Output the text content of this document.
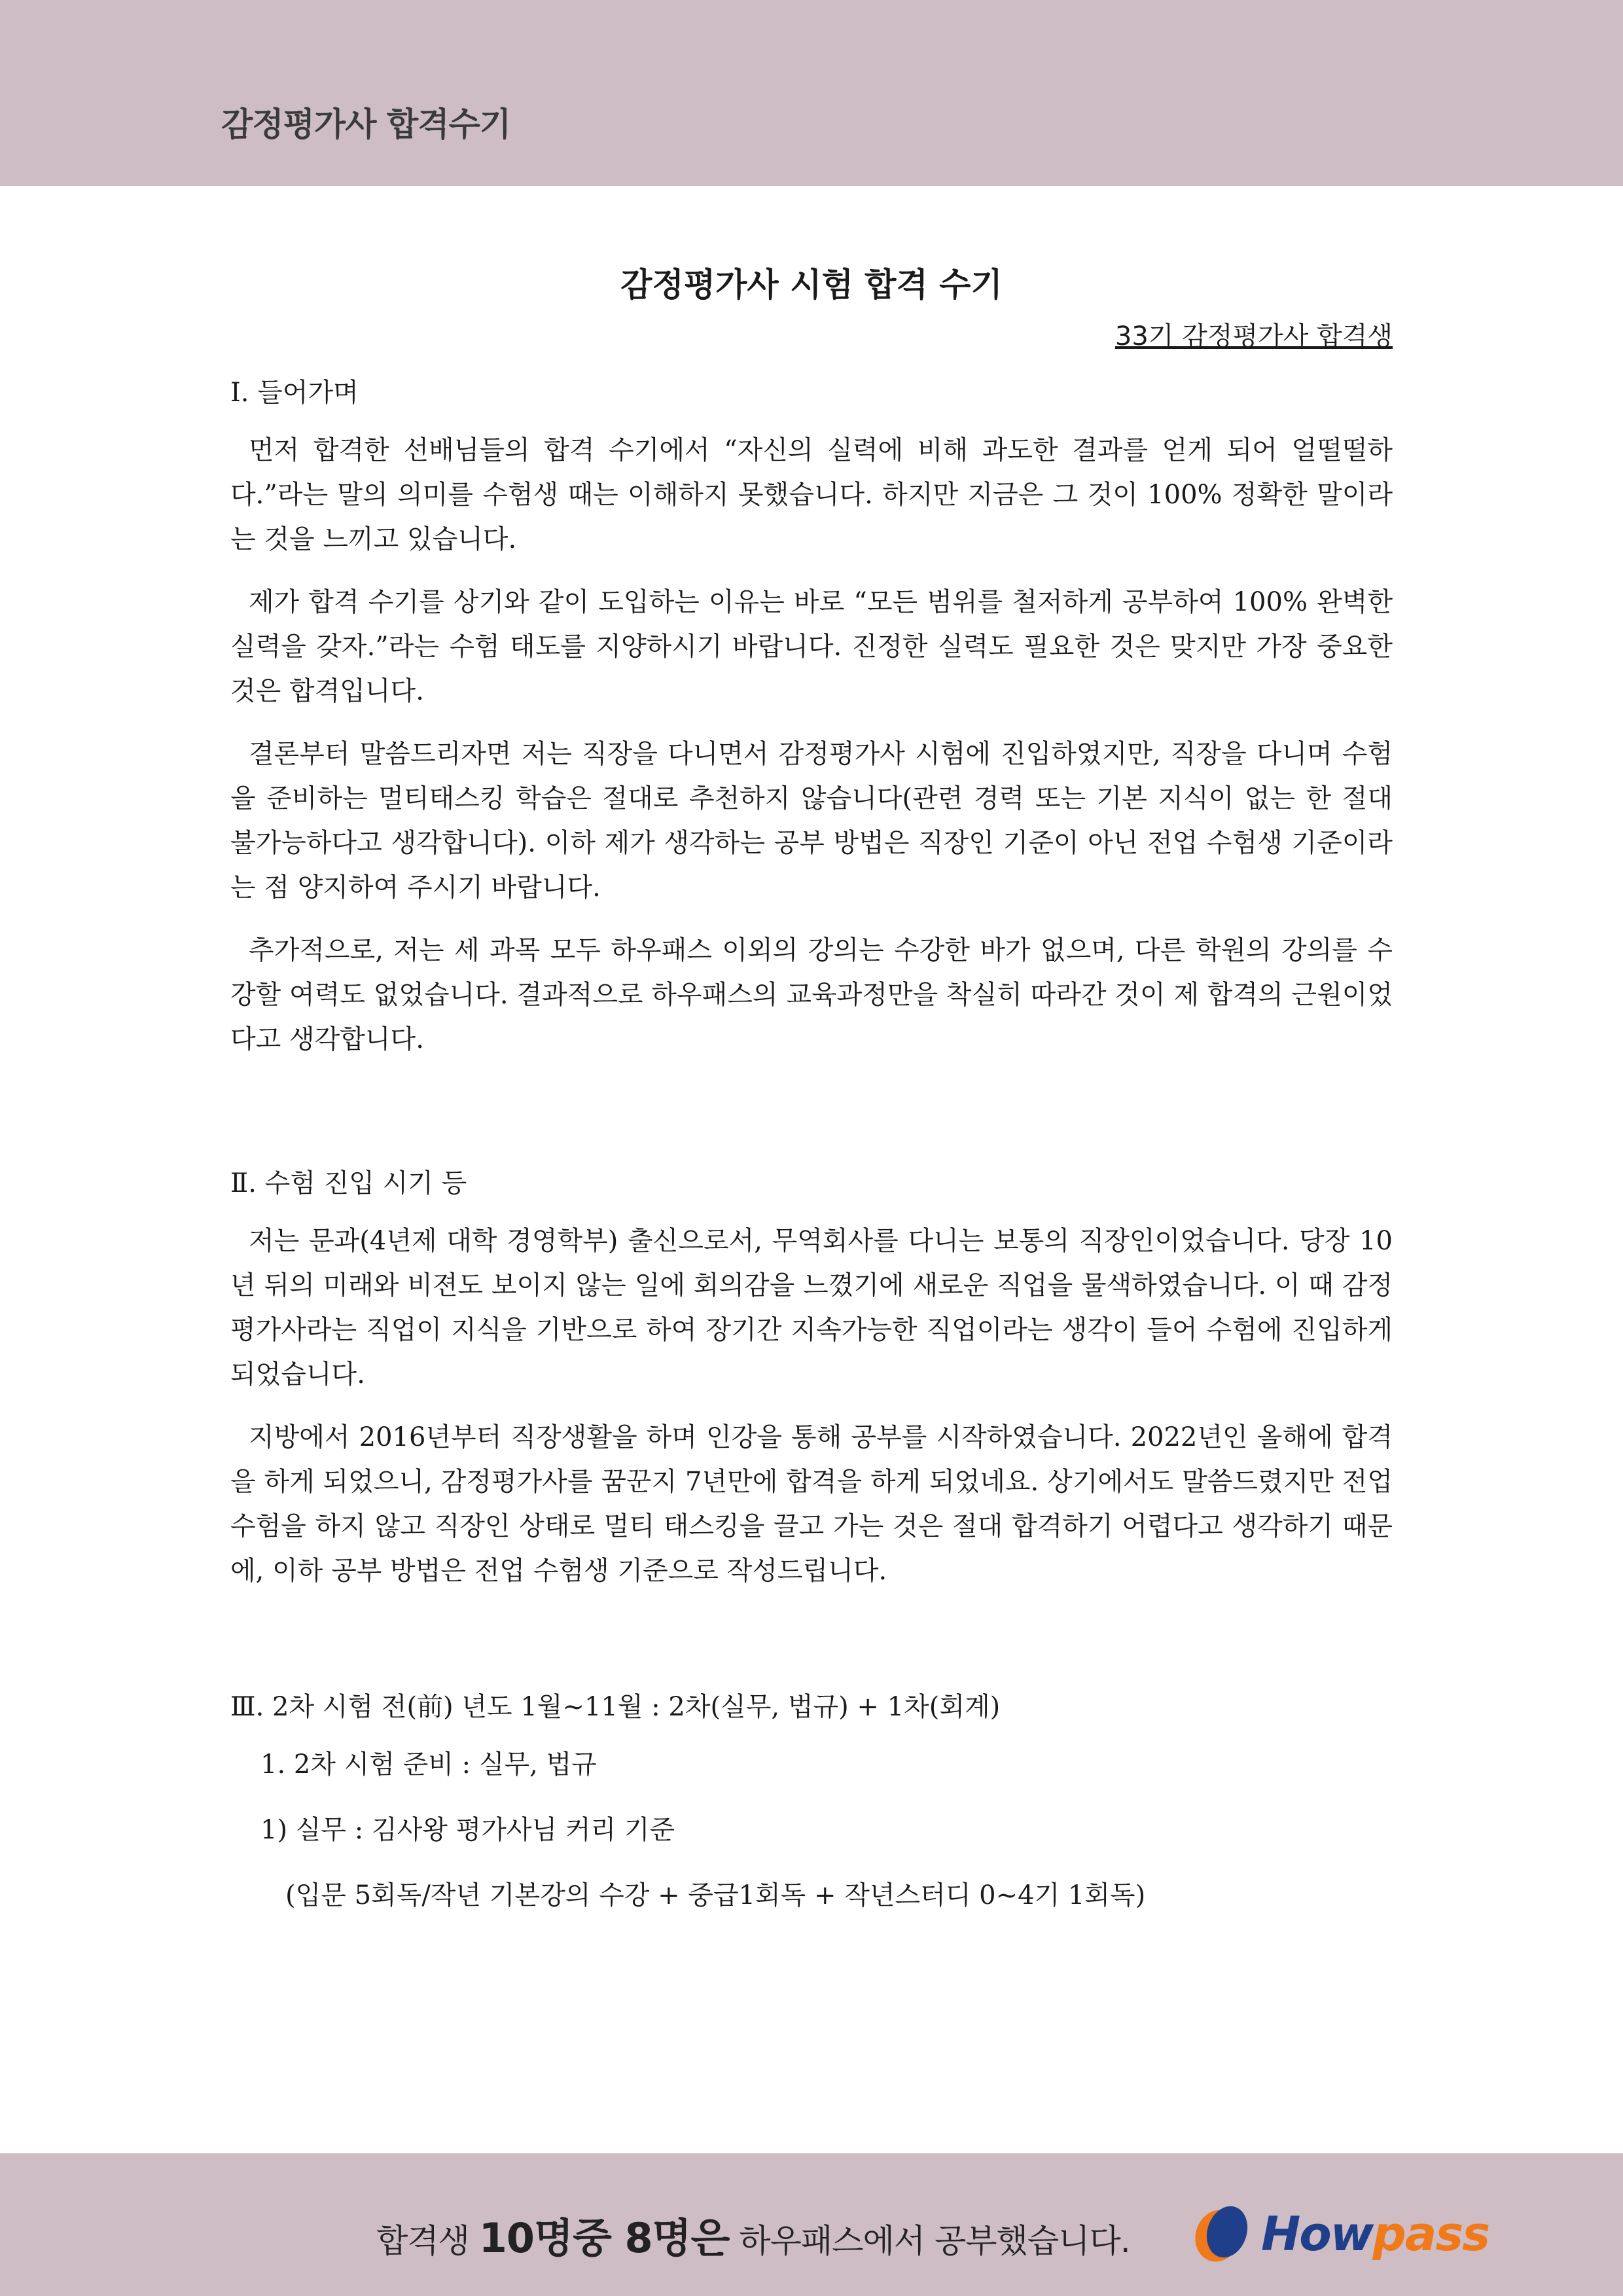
감정평가사 합격수기
감정평가사 시험 합격 수기
33기 감정평가사 합격생
Ⅰ. 들어가며

먼저 합격한 선배님들의 합격 수기에서 “자신의 실력에 비해 과도한 결과를 얻게 되어 얼떨떨하다.”라는 말의 의미를 수험생 때는 이해하지 못했습니다. 하지만 지금은 그 것이 100% 정확한 말이라는 것을 느끼고 있습니다.

제가 합격 수기를 상기와 같이 도입하는 이유는 바로 “모든 범위를 철저하게 공부하여 100% 완벽한 실력을 갖자.”라는 수험 태도를 지양하시기 바랍니다. 진정한 실력도 필요한 것은 맞지만 가장 중요한 것은 합격입니다.

결론부터 말씀드리자면 저는 직장을 다니면서 감정평가사 시험에 진입하였지만, 직장을 다니며 수험을 준비하는 멀티태스킹 학습은 절대로 추천하지 않습니다(관련 경력 또는 기본 지식이 없는 한 절대 불가능하다고 생각합니다). 이하 제가 생각하는 공부 방법은 직장인 기준이 아닌 전업 수험생 기준이라는 점 양지하여 주시기 바랍니다.

추가적으로, 저는 세 과목 모두 하우패스 이외의 강의는 수강한 바가 없으며, 다른 학원의 강의를 수강할 여력도 없었습니다. 결과적으로 하우패스의 교육과정만을 착실히 따라간 것이 제 합격의 근원이었다고 생각합니다.

Ⅱ. 수험 진입 시기 등

저는 문과(4년제 대학 경영학부) 출신으로서, 무역회사를 다니는 보통의 직장인이었습니다. 당장 10년 뒤의 미래와 비젼도 보이지 않는 일에 회의감을 느꼈기에 새로운 직업을 물색하였습니다. 이 때 감정평가사라는 직업이 지식을 기반으로 하여 장기간 지속가능한 직업이라는 생각이 들어 수험에 진입하게 되었습니다.

지방에서 2016년부터 직장생활을 하며 인강을 통해 공부를 시작하였습니다. 2022년인 올해에 합격을 하게 되었으니, 감정평가사를 꿈꾼지 7년만에 합격을 하게 되었네요. 상기에서도 말씀드렸지만 전업 수험을 하지 않고 직장인 상태로 멀티 태스킹을 끌고 가는 것은 절대 합격하기 어렵다고 생각하기 때문에, 이하 공부 방법은 전업 수험생 기준으로 작성드립니다.

Ⅲ. 2차 시험 전(前) 년도 1월~11월 : 2차(실무, 법규) + 1차(회계)
1. 2차 시험 준비 : 실무, 법규
1) 실무 : 김사왕 평가사님 커리 기준
(입문 5회독/작년 기본강의 수강 + 중급1회독 + 작년스터디 0~4기 1회독)
합격생 10명중 8명은 하우패스에서 공부했습니다.	Howpass
